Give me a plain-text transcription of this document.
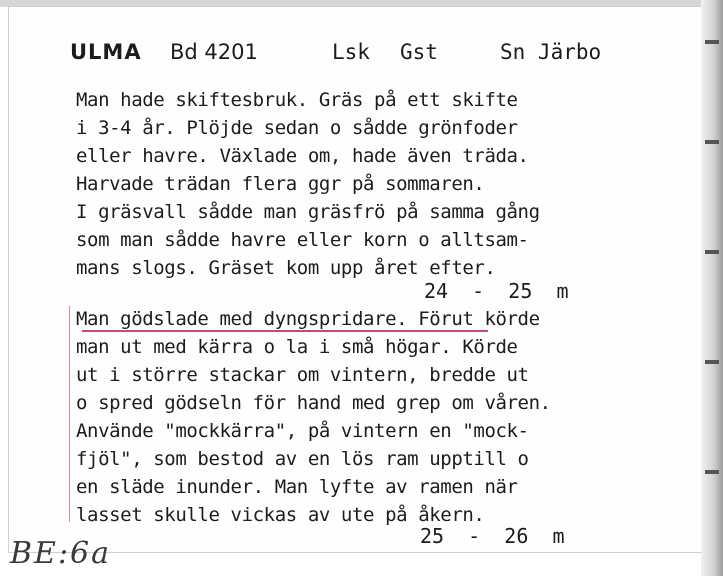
ULMA Bd 4201	Lsk Gst	Sn Järbo
Man hade skiftesbruk. Gräs på ett skifte
i 3-4 år. Plöjde sedan o sådde grönfoder
eller havre. Växlade om, hade även träda.
Harvade trädan flera ggr på sommaren.
I gräsvall sådde man gräsfrö på samma gång
som man sådde havre eller korn o alltsam-
mans slogs. Gräset kom upp året efter.
24  -  25  m
Man gödslade med dyngspridare. Förut körde
man ut med kärra o la i små högar. Körde
ut i större stackar om vintern, bredde ut
o spred gödseln för hand med grep om våren.
Använde "mockkärra", på vintern en "mock-
fjöl", som bestod av en lös ram upptill o
en släde inunder. Man lyfte av ramen när
lasset skulle vickas av ute på åkern.
25  -  26  m
BE:6a
